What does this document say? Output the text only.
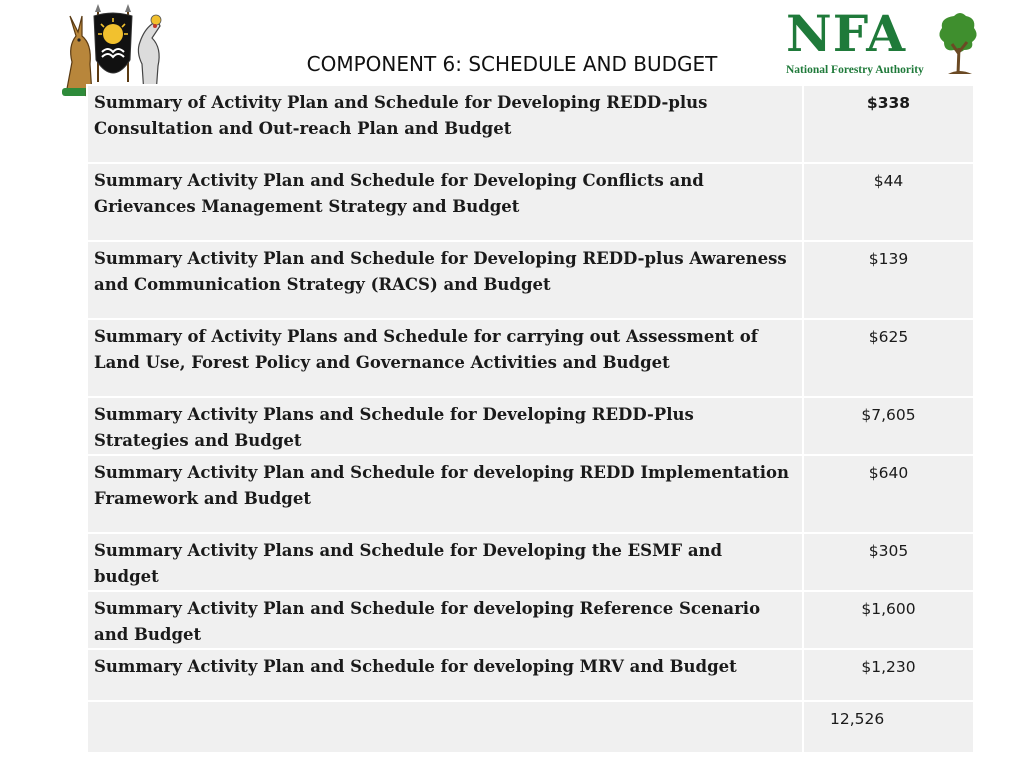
NFA
National Forestry Authority
COMPONENT 6: SCHEDULE AND BUDGET
Summary of Activity Plan and Schedule for Developing REDD-plus Consultation and Out-reach Plan and Budget	$338
Summary Activity Plan and Schedule for Developing Conflicts and Grievances Management Strategy and Budget	$44
Summary Activity Plan and Schedule for Developing REDD-plus Awareness and Communication Strategy (RACS) and Budget	$139
Summary of Activity Plans and Schedule for carrying out Assessment of Land Use, Forest Policy and Governance Activities and Budget	$625
Summary Activity Plans and Schedule for Developing REDD-Plus Strategies and Budget	$7,605
Summary Activity Plan and Schedule for developing REDD Implementation Framework and Budget	$640
Summary Activity Plans and Schedule for Developing the ESMF and budget	$305
Summary Activity Plan and Schedule for developing Reference Scenario and Budget	$1,600
Summary Activity Plan and Schedule for developing MRV and Budget	$1,230
	12,526
